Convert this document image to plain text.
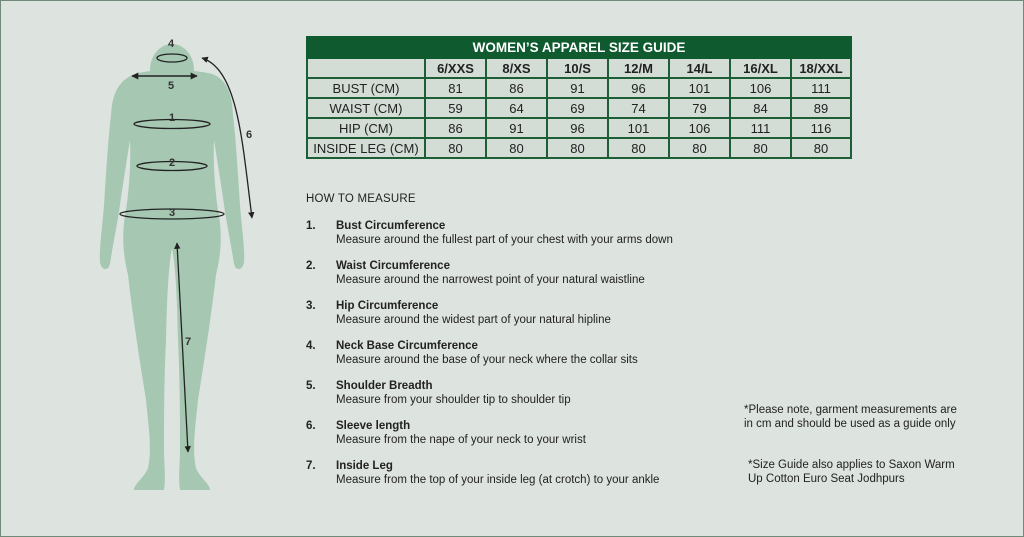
4
5
1
2
3
6
7
WOMEN’S APPAREL SIZE GUIDE							
	6/XXS	8/XS	10/S	12/M	14/L	16/XL	18/XXL
BUST (CM)	81	86	91	96	101	106	111
WAIST (CM)	59	64	69	74	79	84	89
HIP (CM)	86	91	96	101	106	111	116
INSIDE LEG (CM)	80	80	80	80	80	80	80
HOW TO MEASURE
1. Bust Circumference
Measure around the fullest part of your chest with your arms down
2. Waist Circumference
Measure around the narrowest point of your natural waistline
3. Hip Circumference
Measure around the widest part of your natural hipline
4. Neck Base Circumference
Measure around the base of your neck where the collar sits
5. Shoulder Breadth
Measure from your shoulder tip to shoulder tip
6. Sleeve length
Measure from the nape of your neck to your wrist
7. Inside Leg
Measure from the top of your inside leg (at crotch) to your ankle
*Please note, garment measurements are in cm and should be used as a guide only
*Size Guide also applies to Saxon Warm Up Cotton Euro Seat Jodhpurs
